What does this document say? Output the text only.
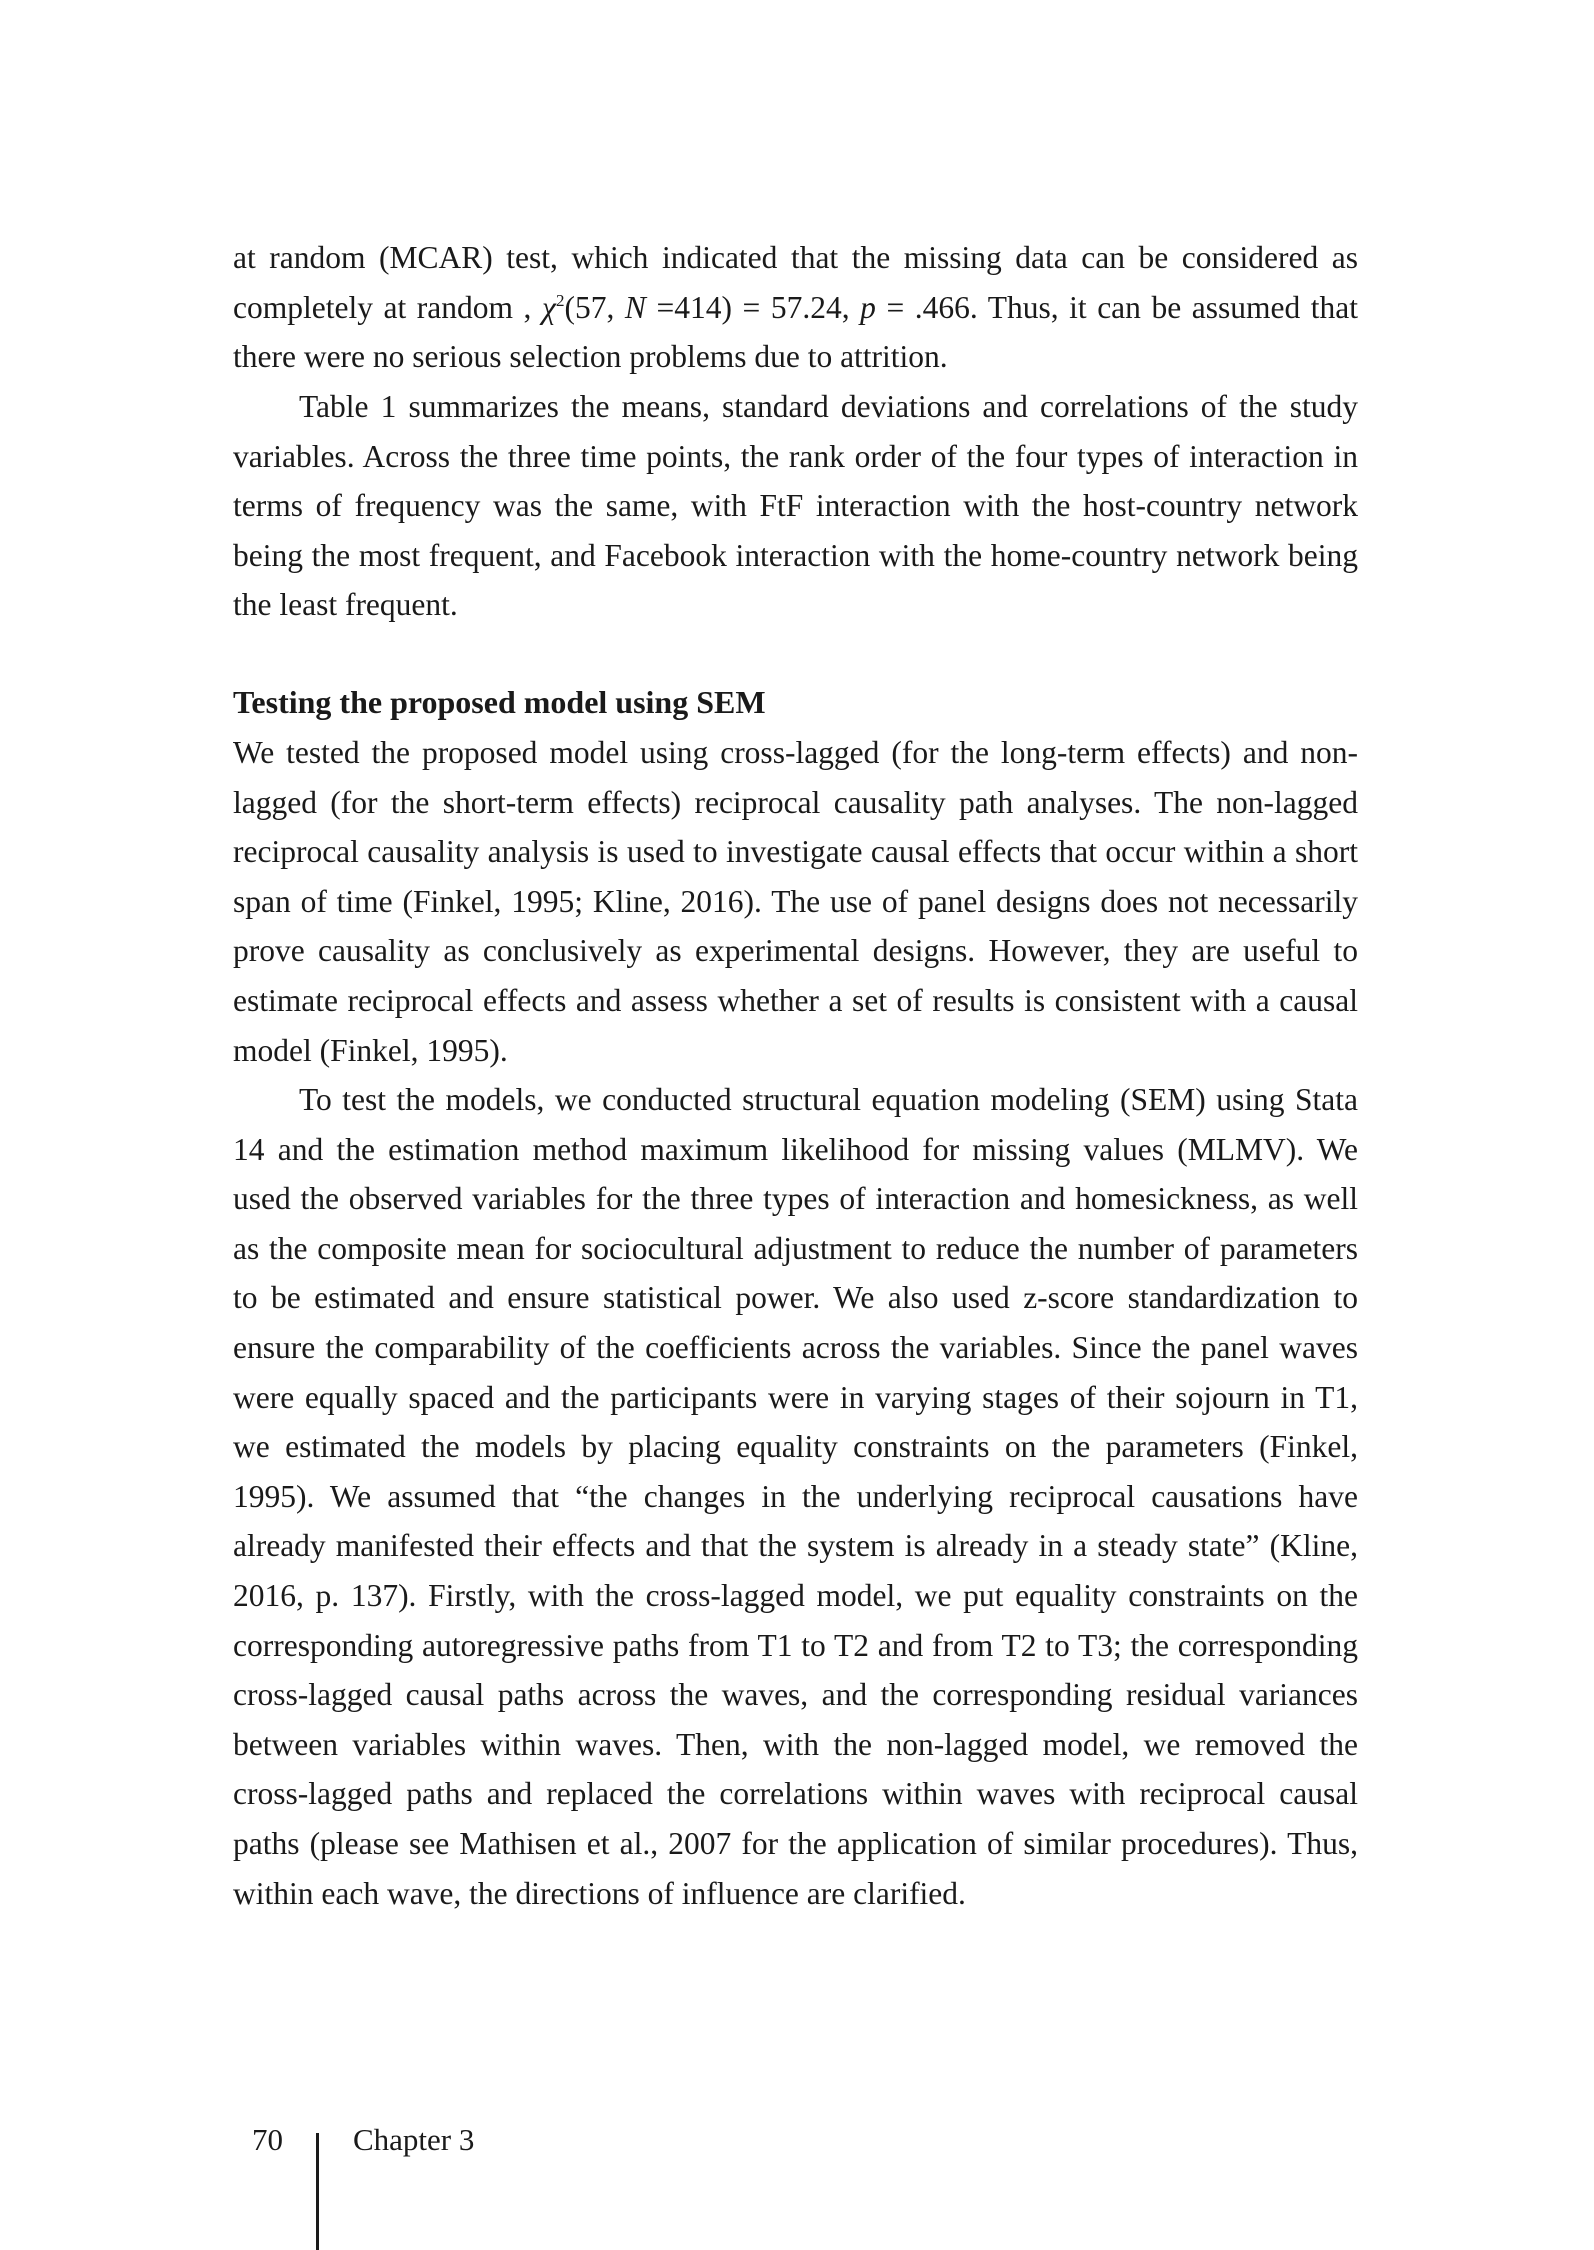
at random (MCAR) test, which indicated that the missing data can be considered as completely at random , $\chi^2(57$, N =414) = 57.24, p = .466. Thus, it can be assumed that there were no serious selection problems due to attrition.

Table 1 summarizes the means, standard deviations and correlations of the study variables. Across the three time points, the rank order of the four types of interaction in terms of frequency was the same, with FtF interaction with the host-country network being the most frequent, and Facebook interaction with the home-country network being the least frequent.

Testing the proposed model using SEM

We tested the proposed model using cross-lagged (for the long-term effects) and non-lagged (for the short-term effects) reciprocal causality path analyses. The non-lagged reciprocal causality analysis is used to investigate causal effects that occur within a short span of time (Finkel, 1995; Kline, 2016). The use of panel designs does not necessarily prove causality as conclusively as experimental designs. However, they are useful to estimate reciprocal effects and assess whether a set of results is consistent with a causal model (Finkel, 1995).

To test the models, we conducted structural equation modeling (SEM) using Stata 14 and the estimation method maximum likelihood for missing values (MLMV). We used the observed variables for the three types of interaction and homesickness, as well as the composite mean for sociocultural adjustment to reduce the number of parameters to be estimated and ensure statistical power. We also used z-score standardization to ensure the comparability of the coefficients across the variables. Since the panel waves were equally spaced and the participants were in varying stages of their sojourn in T1, we estimated the models by placing equality constraints on the parameters (Finkel, 1995). We assumed that “the changes in the underlying reciprocal causations have already manifested their effects and that the system is already in a steady state” (Kline, 2016, p. 137). Firstly, with the cross-lagged model, we put equality constraints on the corresponding autoregressive paths from T1 to T2 and from T2 to T3; the corresponding cross-lagged causal paths across the waves, and the corresponding residual variances between variables within waves. Then, with the non-lagged model, we removed the cross-lagged paths and replaced the correlations within waves with reciprocal causal paths (please see Mathisen et al., 2007 for the application of similar procedures). Thus, within each wave, the directions of influence are clarified.

70 Chapter 3
